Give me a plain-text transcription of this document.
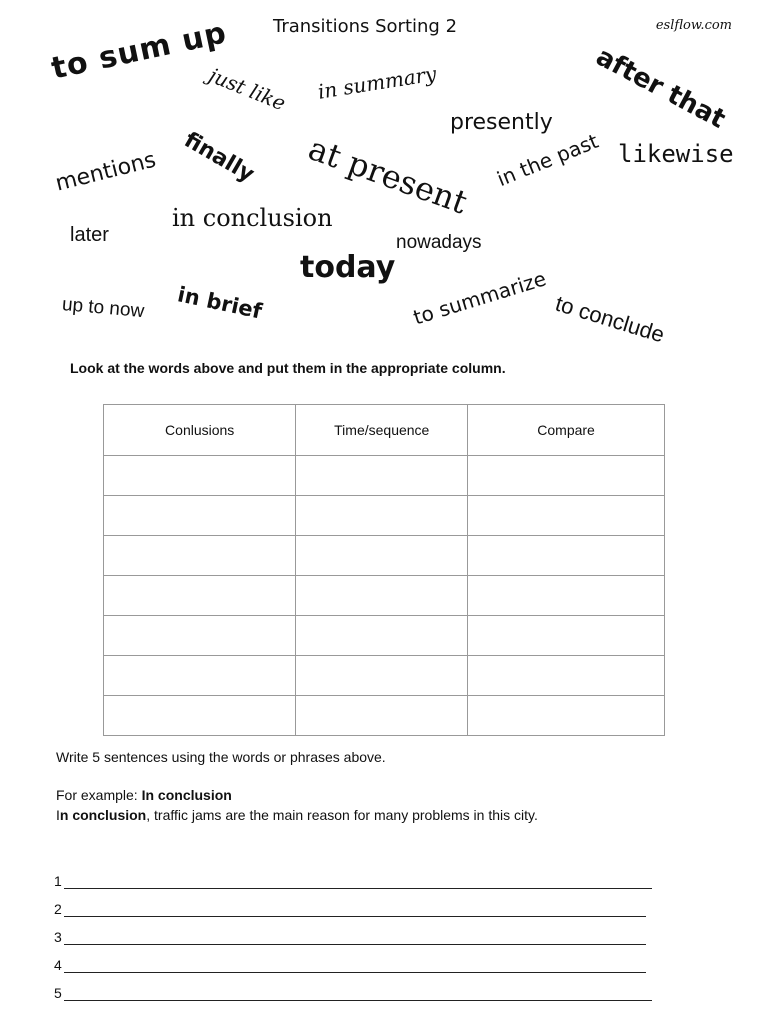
Transitions Sorting 2	eslflow.com
to sum up
just like in summary	after that
presently
finally at present in the past likewise
mentions
later
in conclusion
nowadays
today
in brief
up to now	to summarize to conclude
Look at the words above and put them in the appropriate column.
Conlusions	Time/sequence	Compare

Write 5 sentences using the words or phrases above.
For example: In conclusion
In conclusion, traffic jams are the main reason for many problems in this city.
1
2
3
4
5
